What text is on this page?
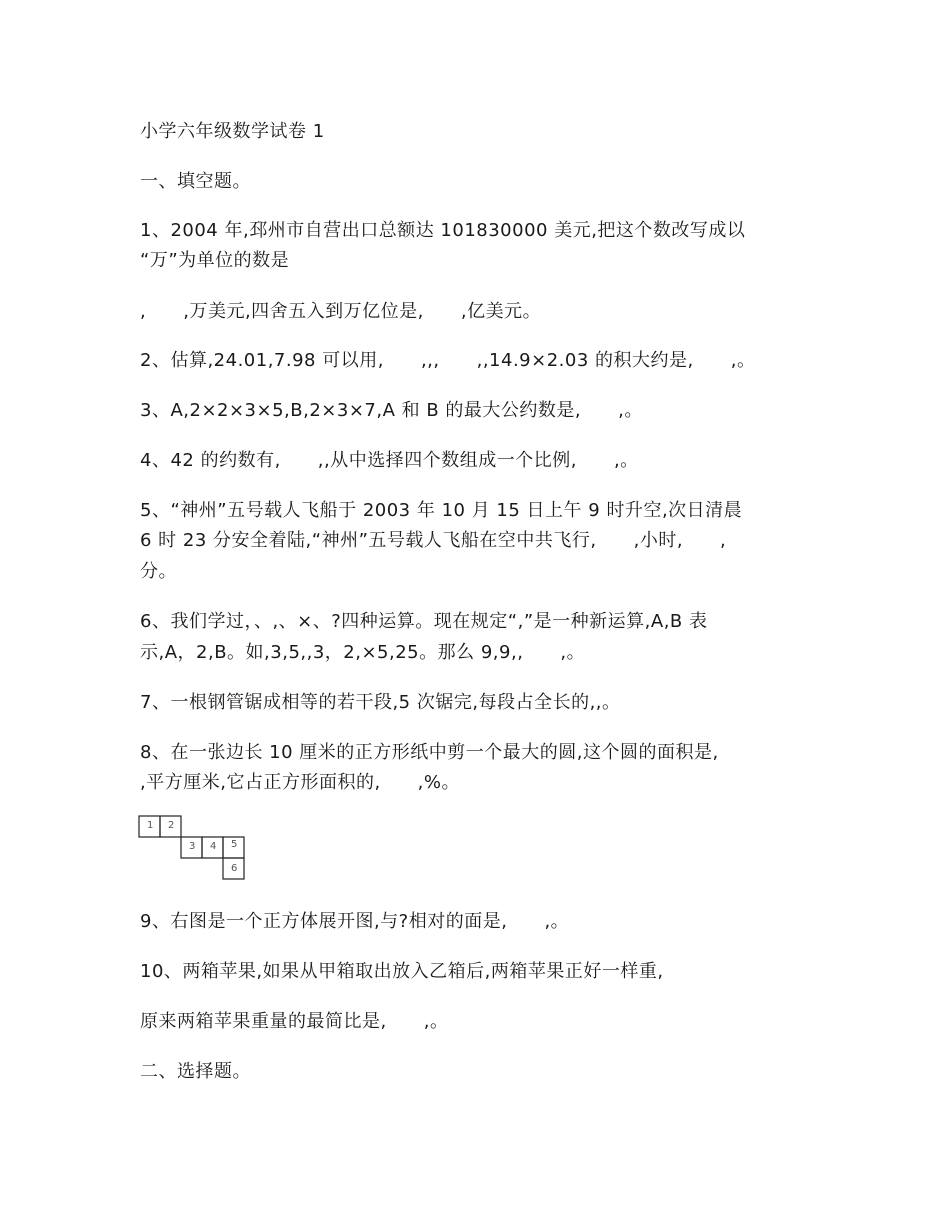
小学六年级数学试卷 1
一、填空题。
1、2004 年,邳州市自营出口总额达 101830000 美元,把这个数改写成以
“万”为单位的数是
,　　,万美元,四舍五入到万亿位是,　　,亿美元。
2、估算,24.01,7.98 可以用,　　,,,　　,,14.9×2.03 的积大约是,　　,。
3、A,2×2×3×5,B,2×3×7,A 和 B 的最大公约数是,　　,。
4、42 的约数有,　　,,从中选择四个数组成一个比例,　　,。
5、“神州”五号载人飞船于 2003 年 10 月 15 日上午 9 时升空,次日清晨
6 时 23 分安全着陆,“神州”五号载人飞船在空中共飞行,　　,小时,　　,
分。
6、我们学过，、,、×、?四种运算。现在规定“,”是一种新运算,A,B 表
示,A，2,B。如,3,5,,3，2,×5,25。那么 9,9,,　　,。
7、一根钢管锯成相等的若干段,5 次锯完,每段占全长的,,。
8、在一张边长 10 厘米的正方形纸中剪一个最大的圆,这个圆的面积是,
,平方厘米,它占正方形面积的,　　,%。
1 2
3 4 5
6
9、右图是一个正方体展开图,与?相对的面是,　　,。
10、两箱苹果,如果从甲箱取出放入乙箱后,两箱苹果正好一样重,
原来两箱苹果重量的最简比是,　　,。
二、选择题。
